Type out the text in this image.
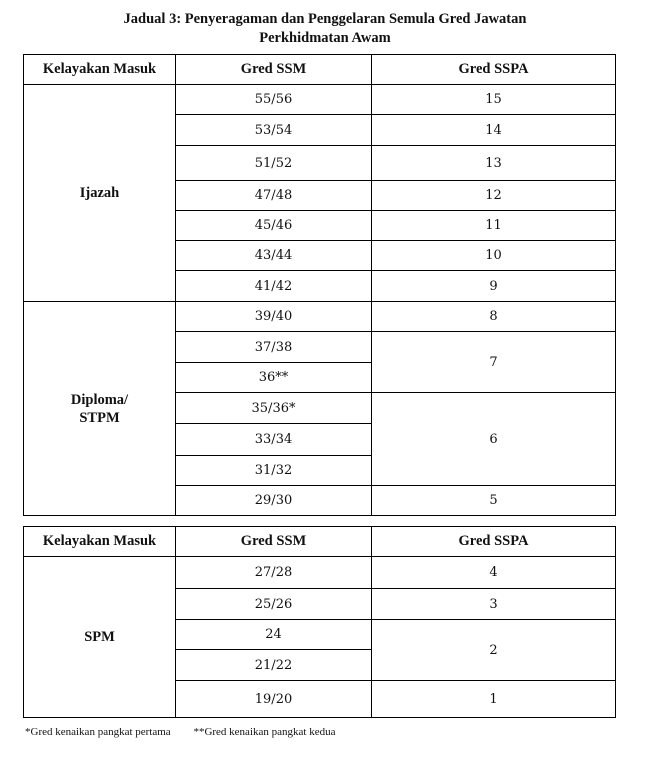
Jadual 3: Penyeragaman dan Penggelaran Semula Gred Jawatan
Perkhidmatan Awam
Kelayakan Masuk	Gred SSM	Gred SSPA
Ijazah	55/56	15
	53/54	14
	51/52	13
	47/48	12
	45/46	11
	43/44	10
	41/42	9

Diploma/
STPM	39/40	8
	37/38	7
	36**	
	35/36*	6
	33/34	
	31/32	
	29/30	5
Kelayakan Masuk	Gred SSM	Gred SSPA
SPM	27/28	4
	25/26	3
	24	2
	21/22	
	19/20	1
*Gred kenaikan pangkat pertama **Gred kenaikan pangkat kedua
